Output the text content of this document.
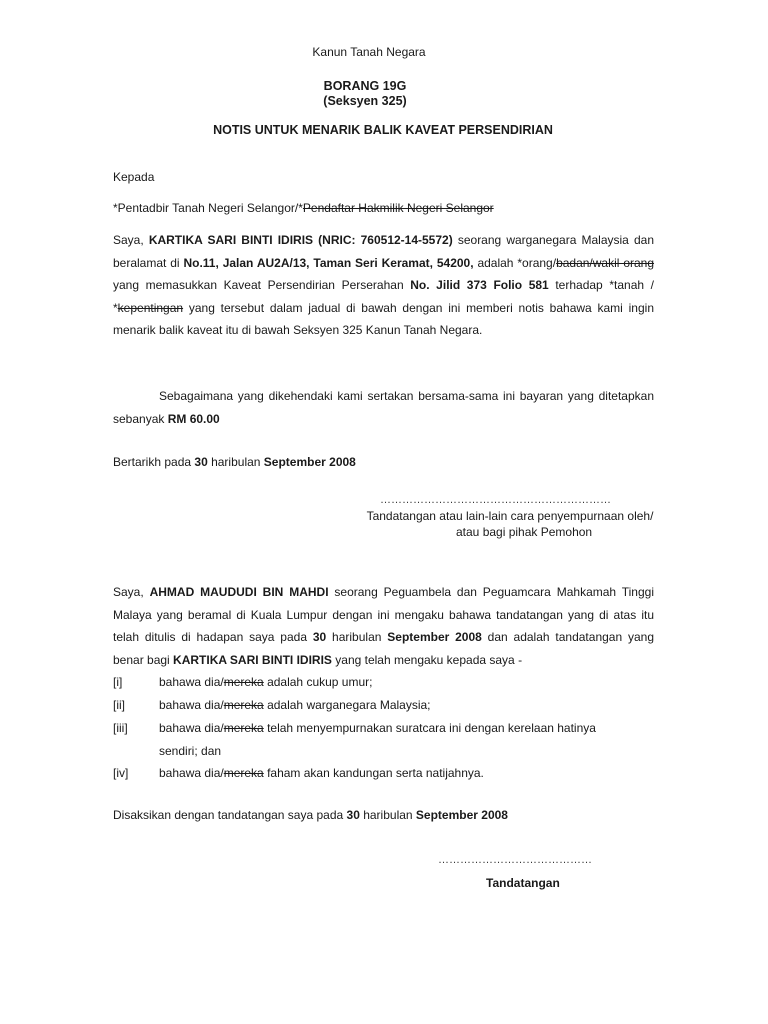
Kanun Tanah Negara
BORANG 19G
(Seksyen 325)
NOTIS UNTUK MENARIK BALIK KAVEAT PERSENDIRIAN
Kepada
*Pentadbir Tanah Negeri Selangor/*Pendaftar Hakmilik Negeri Selangor
Saya, KARTIKA SARI BINTI IDIRIS (NRIC: 760512-14-5572) seorang warganegara Malaysia dan beralamat di No.11, Jalan AU2A/13, Taman Seri Keramat, 54200, adalah *orang/badan/wakil orang yang memasukkan Kaveat Persendirian Perserahan No. Jilid 373 Folio 581 terhadap *tanah / *kepentingan yang tersebut dalam jadual di bawah dengan ini memberi notis bahawa kami ingin menarik balik kaveat itu di bawah Seksyen 325 Kanun Tanah Negara.
Sebagaimana yang dikehendaki kami sertakan bersama-sama ini bayaran yang ditetapkan sebanyak RM 60.00
Bertarikh pada 30 haribulan September 2008
………………………………………………………
Tandatangan atau lain-lain cara penyempurnaan oleh/
atau bagi pihak Pemohon
Saya, AHMAD MAUDUDI BIN MAHDI seorang Peguambela dan Peguamcara Mahkamah Tinggi Malaya yang beramal di Kuala Lumpur dengan ini mengaku bahawa tandatangan yang di atas itu telah ditulis di hadapan saya pada 30 haribulan September 2008 dan adalah tandatangan yang benar bagi KARTIKA SARI BINTI IDIRIS yang telah mengaku kepada saya -
[i]	bahawa dia/mereka adalah cukup umur;
[ii]	bahawa dia/mereka adalah warganegara Malaysia;
[iii]	bahawa dia/mereka telah menyempurnakan suratcara ini dengan kerelaan hatinya sendiri; dan
[iv]	bahawa dia/mereka faham akan kandungan serta natijahnya.
Disaksikan dengan tandatangan saya pada 30 haribulan September 2008
……………………………………
Tandatangan
